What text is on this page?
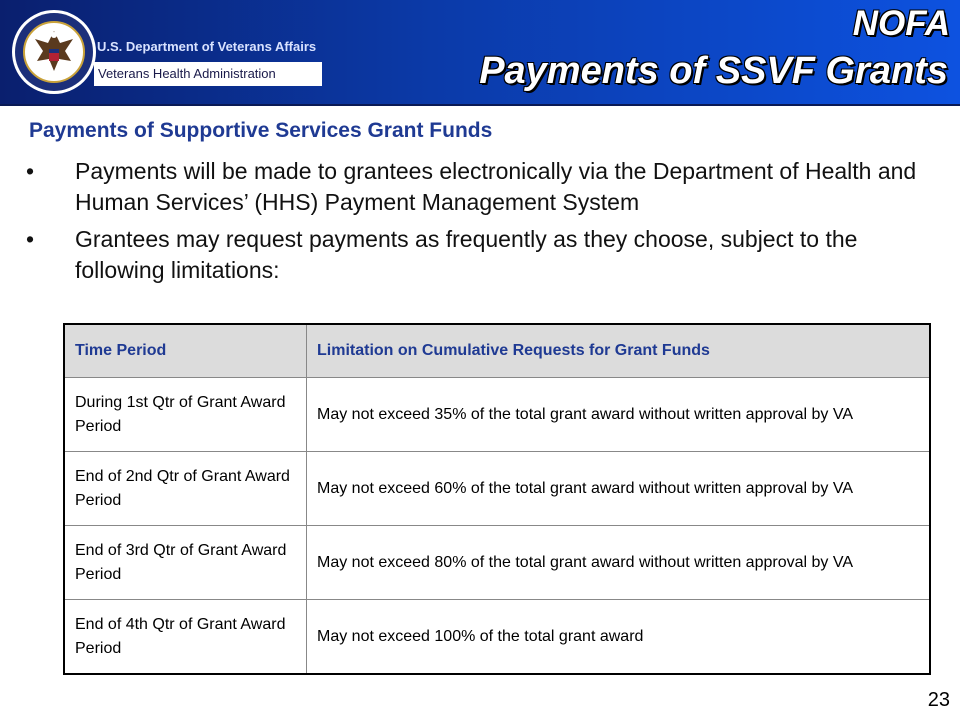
U.S. Department of Veterans Affairs
Veterans Health Administration
NOFA
Payments of SSVF Grants
Payments of Supportive Services Grant Funds
• Payments will be made to grantees electronically via the Department of Health and Human Services’ (HHS) Payment Management System
• Grantees may request payments as frequently as they choose, subject to the following limitations:
Time Period	Limitation on Cumulative Requests for Grant Funds
During 1st Qtr of Grant Award Period	May not exceed 35% of the total grant award without written approval by VA
End of 2nd Qtr of Grant Award Period	May not exceed 60% of the total grant award without written approval by VA
End of 3rd Qtr of Grant Award Period	May not exceed 80% of the total grant award without written approval by VA
End of 4th Qtr of Grant Award Period	May not exceed 100% of the total grant award
23
